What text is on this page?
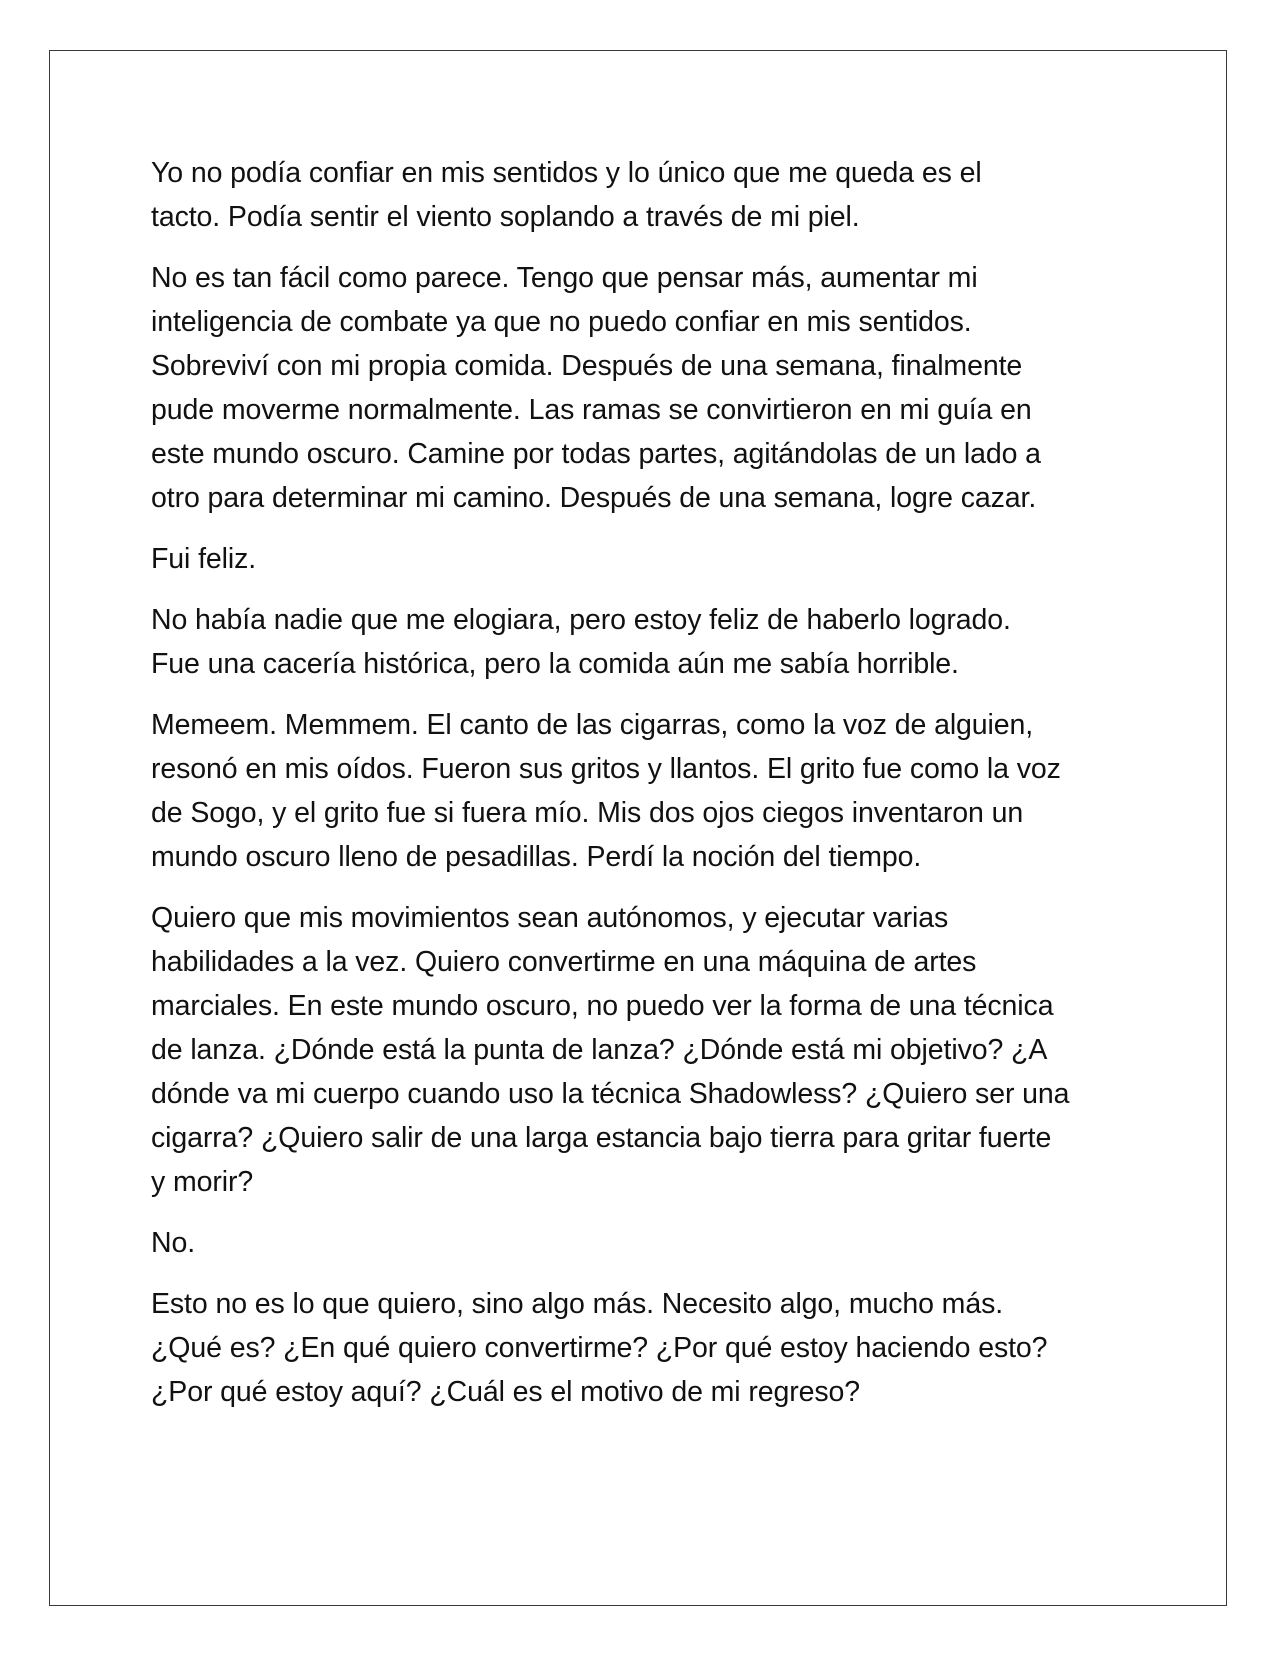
Yo no podía confiar en mis sentidos y lo único que me queda es el
tacto. Podía sentir el viento soplando a través de mi piel.

No es tan fácil como parece. Tengo que pensar más, aumentar mi
inteligencia de combate ya que no puedo confiar en mis sentidos.
Sobreviví con mi propia comida. Después de una semana, finalmente
pude moverme normalmente. Las ramas se convirtieron en mi guía en
este mundo oscuro. Camine por todas partes, agitándolas de un lado a
otro para determinar mi camino. Después de una semana, logre cazar.

Fui feliz.

No había nadie que me elogiara, pero estoy feliz de haberlo logrado.
Fue una cacería histórica, pero la comida aún me sabía horrible.

Memeem. Memmem. El canto de las cigarras, como la voz de alguien,
resonó en mis oídos. Fueron sus gritos y llantos. El grito fue como la voz
de Sogo, y el grito fue si fuera mío. Mis dos ojos ciegos inventaron un
mundo oscuro lleno de pesadillas. Perdí la noción del tiempo.

Quiero que mis movimientos sean autónomos, y ejecutar varias
habilidades a la vez. Quiero convertirme en una máquina de artes
marciales. En este mundo oscuro, no puedo ver la forma de una técnica
de lanza. ¿Dónde está la punta de lanza? ¿Dónde está mi objetivo? ¿A
dónde va mi cuerpo cuando uso la técnica Shadowless? ¿Quiero ser una
cigarra? ¿Quiero salir de una larga estancia bajo tierra para gritar fuerte
y morir?

No.

Esto no es lo que quiero, sino algo más. Necesito algo, mucho más.
¿Qué es? ¿En qué quiero convertirme? ¿Por qué estoy haciendo esto?
¿Por qué estoy aquí? ¿Cuál es el motivo de mi regreso?
